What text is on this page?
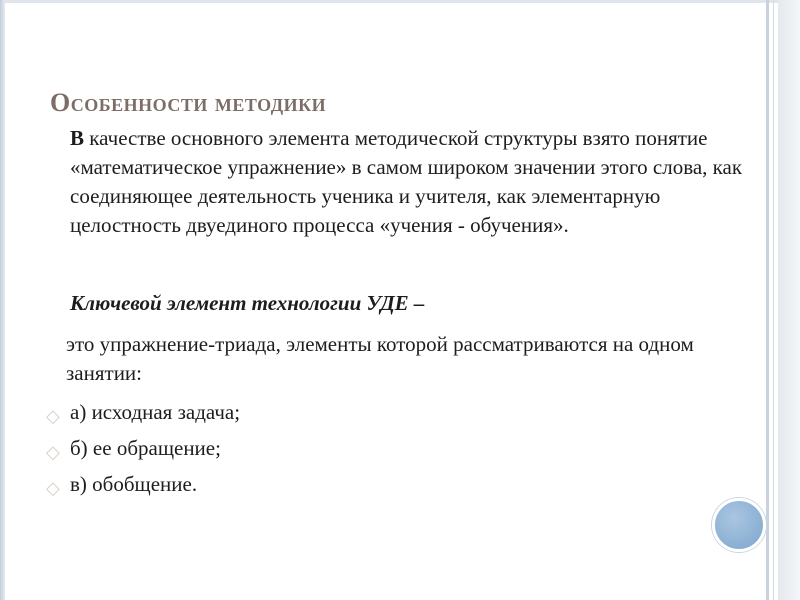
Особенности методики

В качестве основного элемента методической структуры взято понятие «математическое упражнение» в самом широком значении этого слова, как соединяющее деятельность ученика и учителя, как элементарную целостность двуединого процесса «учения - обучения».

Ключевой элемент технологии УДЕ –

это упражнение-триада, элементы которой рассматриваются на одном занятии:

◇ а) исходная задача;
◇ б) ее обращение;
◇ в) обобщение.
